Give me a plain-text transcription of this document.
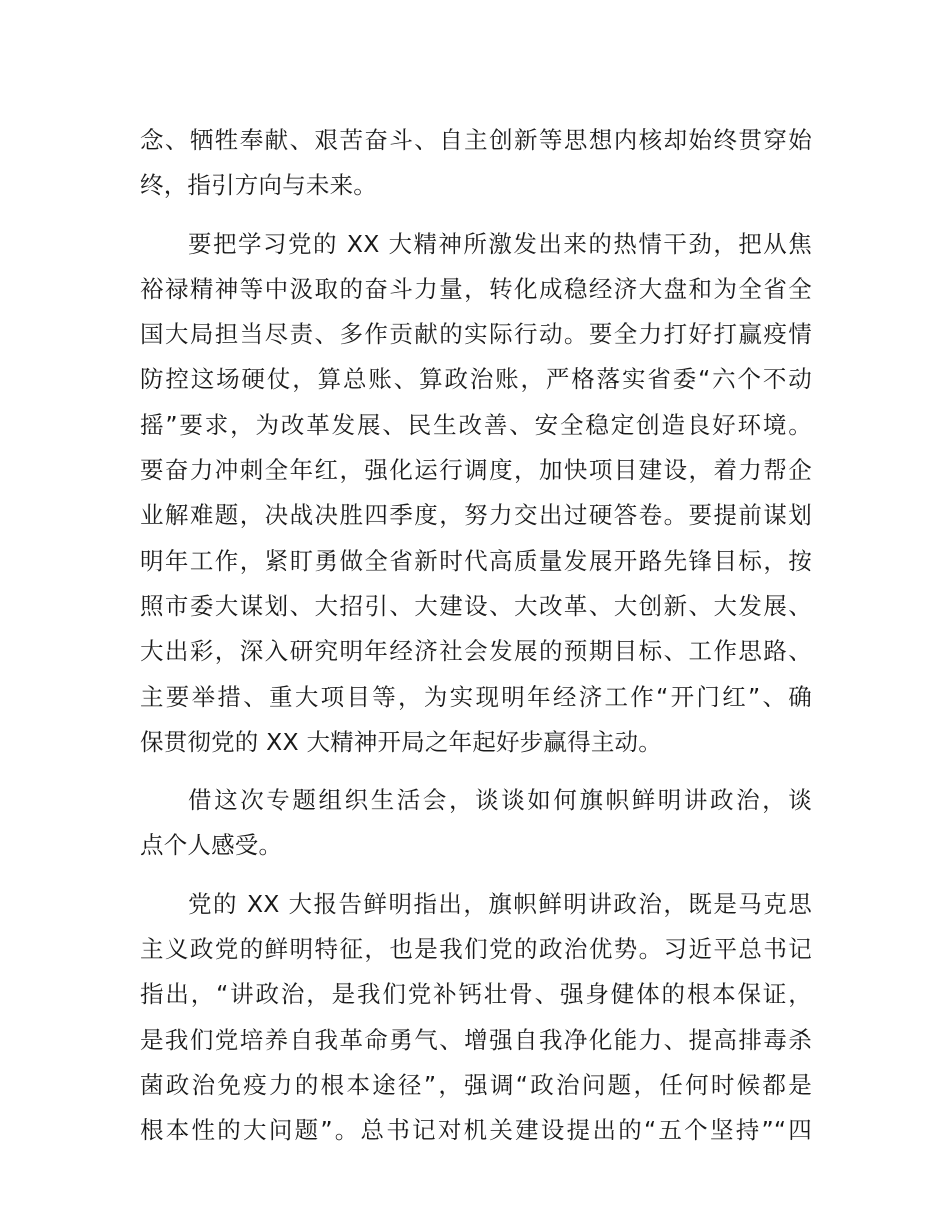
念、牺牲奉献、艰苦奋斗、自主创新等思想内核却始终贯穿始
终，指引方向与未来。

要把学习党的 XX 大精神所激发出来的热情干劲，把从焦
裕禄精神等中汲取的奋斗力量，转化成稳经济大盘和为全省全
国大局担当尽责、多作贡献的实际行动。要全力打好打赢疫情
防控这场硬仗，算总账、算政治账，严格落实省委“六个不动
摇”要求，为改革发展、民生改善、安全稳定创造良好环境。
要奋力冲刺全年红，强化运行调度，加快项目建设，着力帮企
业解难题，决战决胜四季度，努力交出过硬答卷。要提前谋划
明年工作，紧盯勇做全省新时代高质量发展开路先锋目标，按
照市委大谋划、大招引、大建设、大改革、大创新、大发展、
大出彩，深入研究明年经济社会发展的预期目标、工作思路、
主要举措、重大项目等，为实现明年经济工作“开门红”、确
保贯彻党的 XX 大精神开局之年起好步赢得主动。

借这次专题组织生活会，谈谈如何旗帜鲜明讲政治，谈
点个人感受。

党的 XX 大报告鲜明指出，旗帜鲜明讲政治，既是马克思
主义政党的鲜明特征，也是我们党的政治优势。习近平总书记
指出，“讲政治，是我们党补钙壮骨、强身健体的根本保证，
是我们党培养自我革命勇气、增强自我净化能力、提高排毒杀
菌政治免疫力的根本途径”，强调“政治问题，任何时候都是
根本性的大问题”。总书记对机关建设提出的“五个坚持”“四
